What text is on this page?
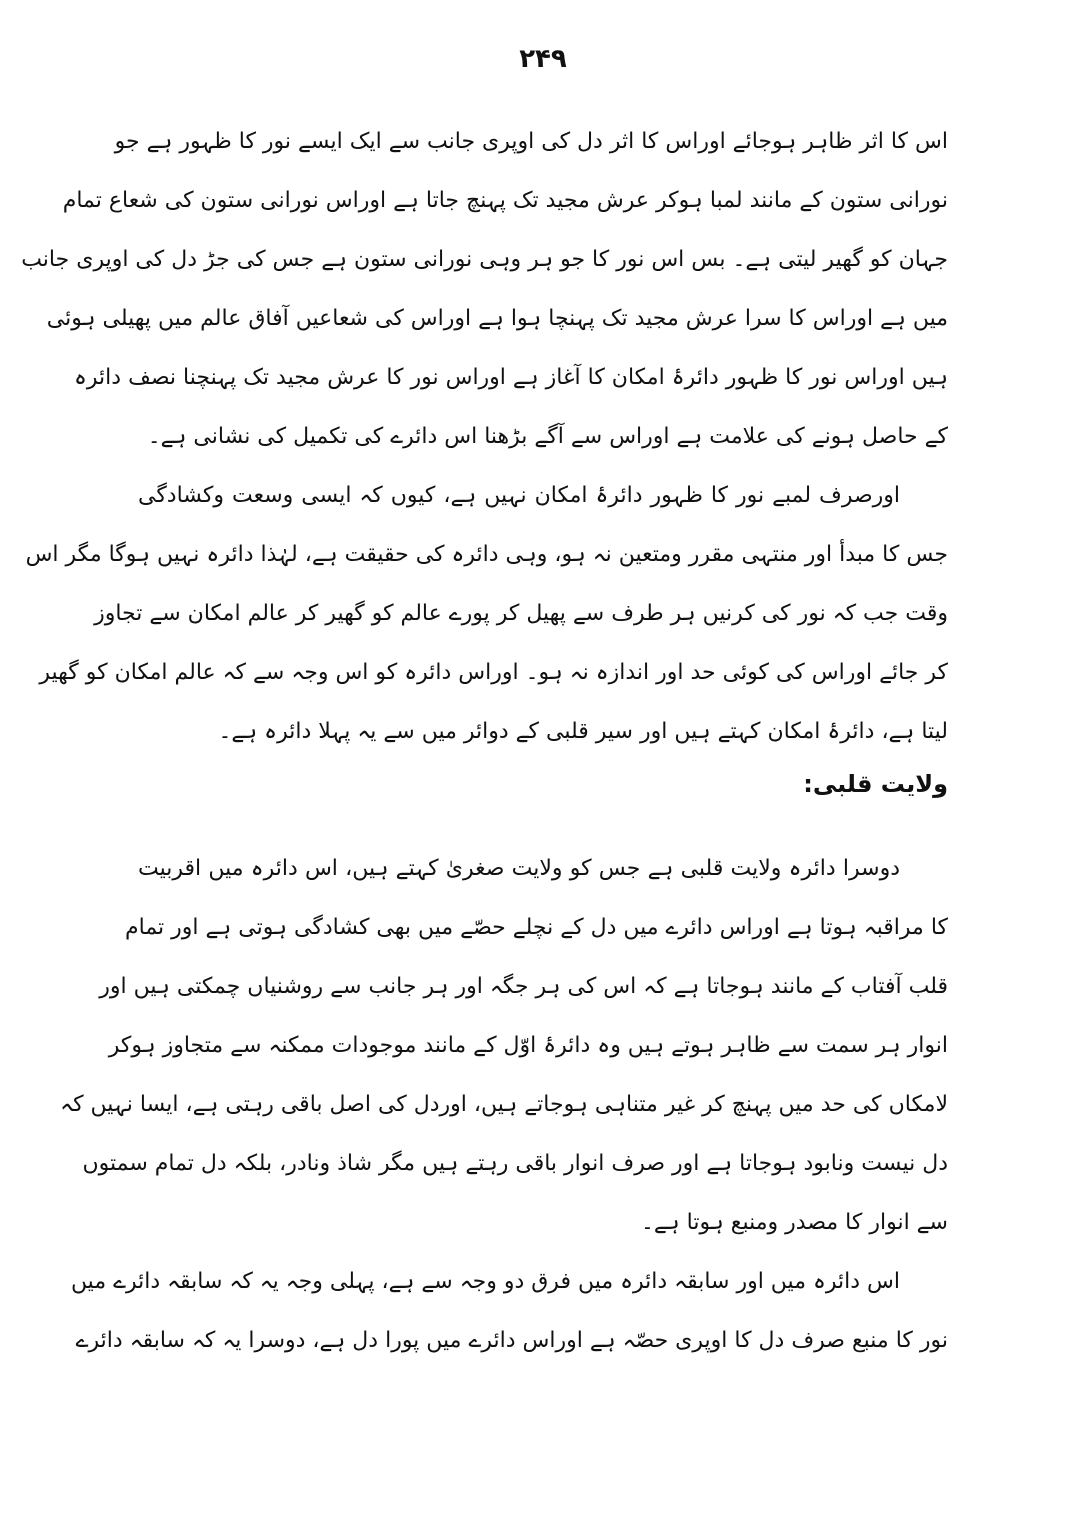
۲۴۹
اس کا اثر ظاہر ہوجائے اوراس کا اثر دل کی اوپری جانب سے ایک ایسے نور کا ظہور ہے جو
نورانی ستون کے مانند لمبا ہوکر عرش مجید تک پہنچ جاتا ہے اوراس نورانی ستون کی شعاع تمام
جہان کو گھیر لیتی ہے۔ بس اس نور کا جو ہر وہی نورانی ستون ہے جس کی جڑ دل کی اوپری جانب
میں ہے اوراس کا سرا عرش مجید تک پہنچا ہوا ہے اوراس کی شعاعیں آفاق عالم میں پھیلی ہوئی
ہیں اوراس نور کا ظہور دائرۂ امکان کا آغاز ہے اوراس نور کا عرش مجید تک پہنچنا نصف دائرہ
کے حاصل ہونے کی علامت ہے اوراس سے آگے بڑھنا اس دائرے کی تکمیل کی نشانی ہے۔
اورصرف لمبے نور کا ظہور دائرۂ امکان نہیں ہے، کیوں کہ ایسی وسعت وکشادگی
جس کا مبدأ اور منتہی مقرر ومتعین نہ ہو، وہی دائرہ کی حقیقت ہے، لہٰذا دائرہ نہیں ہوگا مگر اس
وقت جب کہ نور کی کرنیں ہر طرف سے پھیل کر پورے عالم کو گھیر کر عالم امکان سے تجاوز
کر جائے اوراس کی کوئی حد اور اندازہ نہ ہو۔ اوراس دائرہ کو اس وجہ سے کہ عالم امکان کو گھیر
لیتا ہے، دائرۂ امکان کہتے ہیں اور سیر قلبی کے دوائر میں سے یہ پہلا دائرہ ہے۔
ولایت قلبی:
دوسرا دائرہ ولایت قلبی ہے جس کو ولایت صغریٰ کہتے ہیں، اس دائرہ میں اقربیت
کا مراقبہ ہوتا ہے اوراس دائرے میں دل کے نچلے حصّے میں بھی کشادگی ہوتی ہے اور تمام
قلب آفتاب کے مانند ہوجاتا ہے کہ اس کی ہر جگہ اور ہر جانب سے روشنیاں چمکتی ہیں اور
انوار ہر سمت سے ظاہر ہوتے ہیں وہ دائرۂ اوّل کے مانند موجودات ممکنہ سے متجاوز ہوکر
لامکاں کی حد میں پہنچ کر غیر متناہی ہوجاتے ہیں، اوردل کی اصل باقی رہتی ہے، ایسا نہیں کہ
دل نیست ونابود ہوجاتا ہے اور صرف انوار باقی رہتے ہیں مگر شاذ ونادر، بلکہ دل تمام سمتوں
سے انوار کا مصدر ومنبع ہوتا ہے۔
اس دائرہ میں اور سابقہ دائرہ میں فرق دو وجہ سے ہے، پہلی وجہ یہ کہ سابقہ دائرے میں
نور کا منبع صرف دل کا اوپری حصّہ ہے اوراس دائرے میں پورا دل ہے، دوسرا یہ کہ سابقہ دائرے
